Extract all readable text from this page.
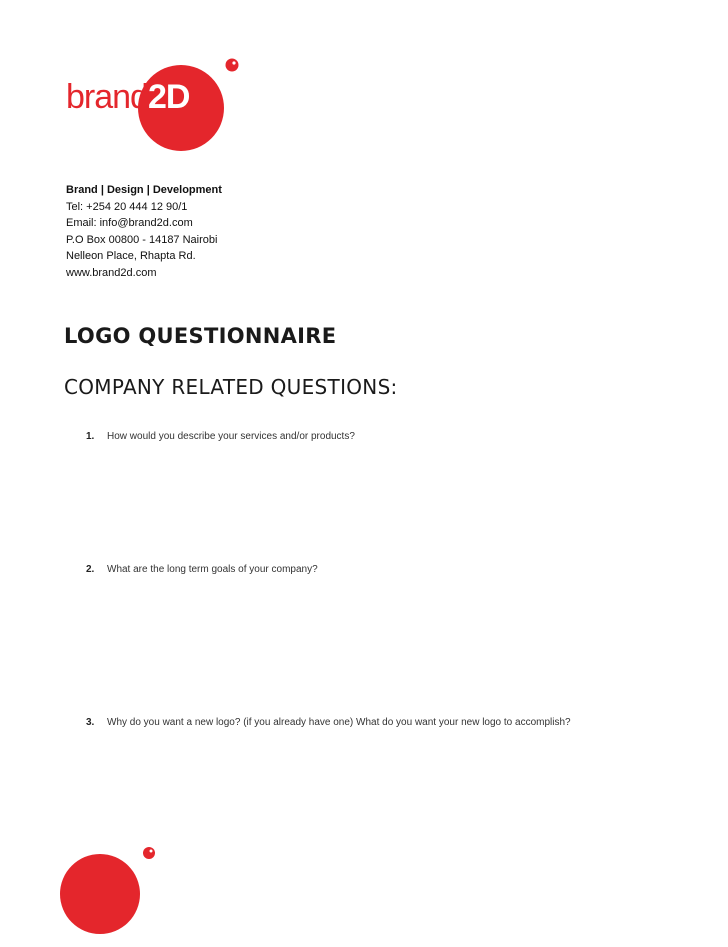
brand2D
Brand | Design | Development
Tel: +254 20 444 12 90/1
Email: info@brand2d.com
P.O Box 00800 - 14187 Nairobi
Nelleon Place, Rhapta Rd.
www.brand2d.com
LOGO QUESTIONNAIRE
COMPANY RELATED QUESTIONS:
1. How would you describe your services and/or products?
2. What are the long term goals of your company?
3. Why do you want a new logo? (if you already have one) What do you want your new logo to accomplish?
